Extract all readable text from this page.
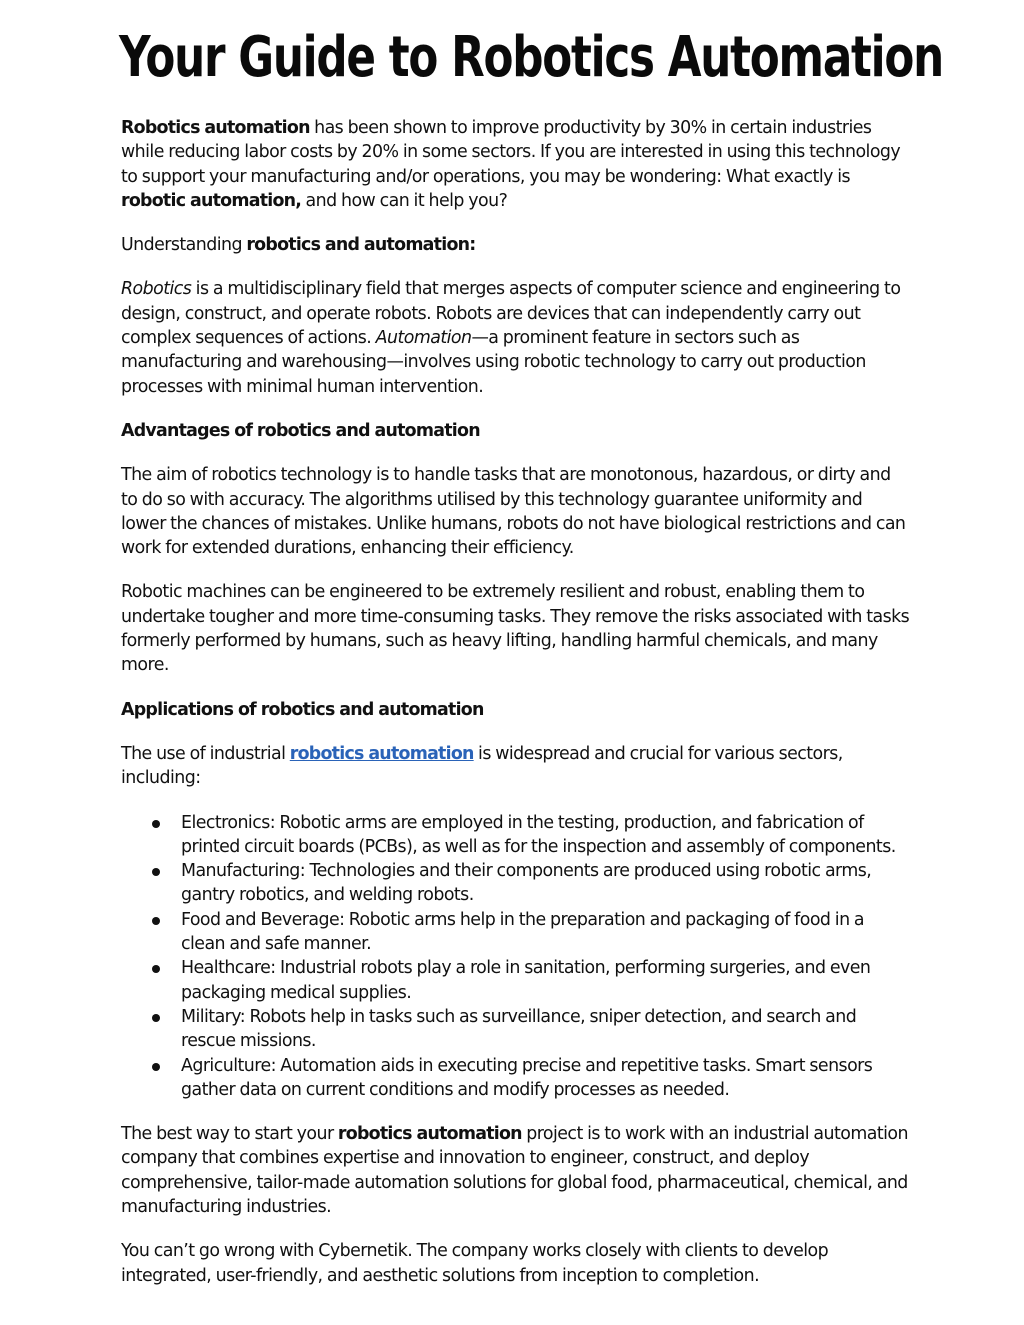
Your Guide to Robotics Automation

Robotics automation has been shown to improve productivity by 30% in certain industries while reducing labor costs by 20% in some sectors. If you are interested in using this technology to support your manufacturing and/or operations, you may be wondering: What exactly is robotic automation, and how can it help you?

Understanding robotics and automation:

Robotics is a multidisciplinary field that merges aspects of computer science and engineering to design, construct, and operate robots. Robots are devices that can independently carry out complex sequences of actions. Automation—a prominent feature in sectors such as manufacturing and warehousing—involves using robotic technology to carry out production processes with minimal human intervention.

Advantages of robotics and automation

The aim of robotics technology is to handle tasks that are monotonous, hazardous, or dirty and to do so with accuracy. The algorithms utilised by this technology guarantee uniformity and lower the chances of mistakes. Unlike humans, robots do not have biological restrictions and can work for extended durations, enhancing their efficiency.

Robotic machines can be engineered to be extremely resilient and robust, enabling them to undertake tougher and more time-consuming tasks. They remove the risks associated with tasks formerly performed by humans, such as heavy lifting, handling harmful chemicals, and many more.

Applications of robotics and automation

The use of industrial robotics automation is widespread and crucial for various sectors, including:

Electronics: Robotic arms are employed in the testing, production, and fabrication of printed circuit boards (PCBs), as well as for the inspection and assembly of components.
Manufacturing: Technologies and their components are produced using robotic arms, gantry robotics, and welding robots.
Food and Beverage: Robotic arms help in the preparation and packaging of food in a clean and safe manner.
Healthcare: Industrial robots play a role in sanitation, performing surgeries, and even packaging medical supplies.
Military: Robots help in tasks such as surveillance, sniper detection, and search and rescue missions.
Agriculture: Automation aids in executing precise and repetitive tasks. Smart sensors gather data on current conditions and modify processes as needed.

The best way to start your robotics automation project is to work with an industrial automation company that combines expertise and innovation to engineer, construct, and deploy comprehensive, tailor-made automation solutions for global food, pharmaceutical, chemical, and manufacturing industries.

You can’t go wrong with Cybernetik. The company works closely with clients to develop integrated, user-friendly, and aesthetic solutions from inception to completion.
